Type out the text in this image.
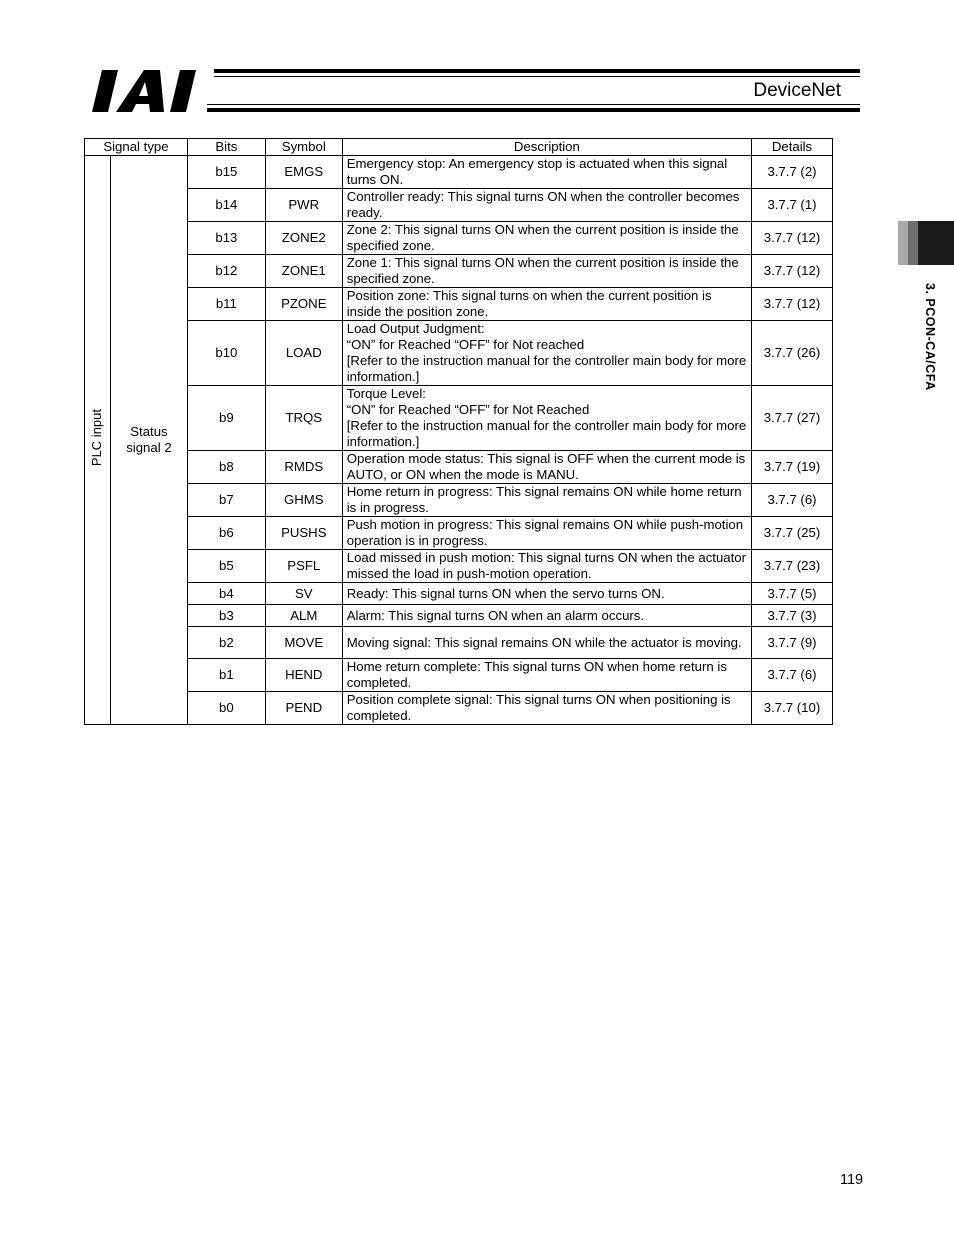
DeviceNet
3. PCON-CA/CFA
Signal type		Bits	Symbol	Description	Details
PLC input	Status signal 2	b15	EMGS	Emergency stop: An emergency stop is actuated when this signal turns ON.	3.7.7 (2)
		b14	PWR	Controller ready: This signal turns ON when the controller becomes ready.	3.7.7 (1)
		b13	ZONE2	Zone 2: This signal turns ON when the current position is inside the specified zone.	3.7.7 (12)
		b12	ZONE1	Zone 1: This signal turns ON when the current position is inside the specified zone.	3.7.7 (12)
		b11	PZONE	Position zone: This signal turns on when the current position is inside the position zone.	3.7.7 (12)
		b10	LOAD	Load Output Judgment:
“ON” for Reached “OFF” for Not reached
[Refer to the instruction manual for the controller main body for more information.]	3.7.7 (26)
		b9	TRQS	Torque Level:
“ON” for Reached “OFF” for Not Reached
[Refer to the instruction manual for the controller main body for more information.]	3.7.7 (27)
		b8	RMDS	Operation mode status: This signal is OFF when the current mode is AUTO, or ON when the mode is MANU.	3.7.7 (19)
		b7	GHMS	Home return in progress: This signal remains ON while home return is in progress.	3.7.7 (6)
		b6	PUSHS	Push motion in progress: This signal remains ON while push-motion operation is in progress.	3.7.7 (25)
		b5	PSFL	Load missed in push motion: This signal turns ON when the actuator missed the load in push-motion operation.	3.7.7 (23)
		b4	SV	Ready: This signal turns ON when the servo turns ON.	3.7.7 (5)
		b3	ALM	Alarm: This signal turns ON when an alarm occurs.	3.7.7 (3)
		b2	MOVE	Moving signal: This signal remains ON while the actuator is moving.	3.7.7 (9)
		b1	HEND	Home return complete: This signal turns ON when home return is completed.	3.7.7 (6)
		b0	PEND	Position complete signal: This signal turns ON when positioning is completed.	3.7.7 (10)
119
